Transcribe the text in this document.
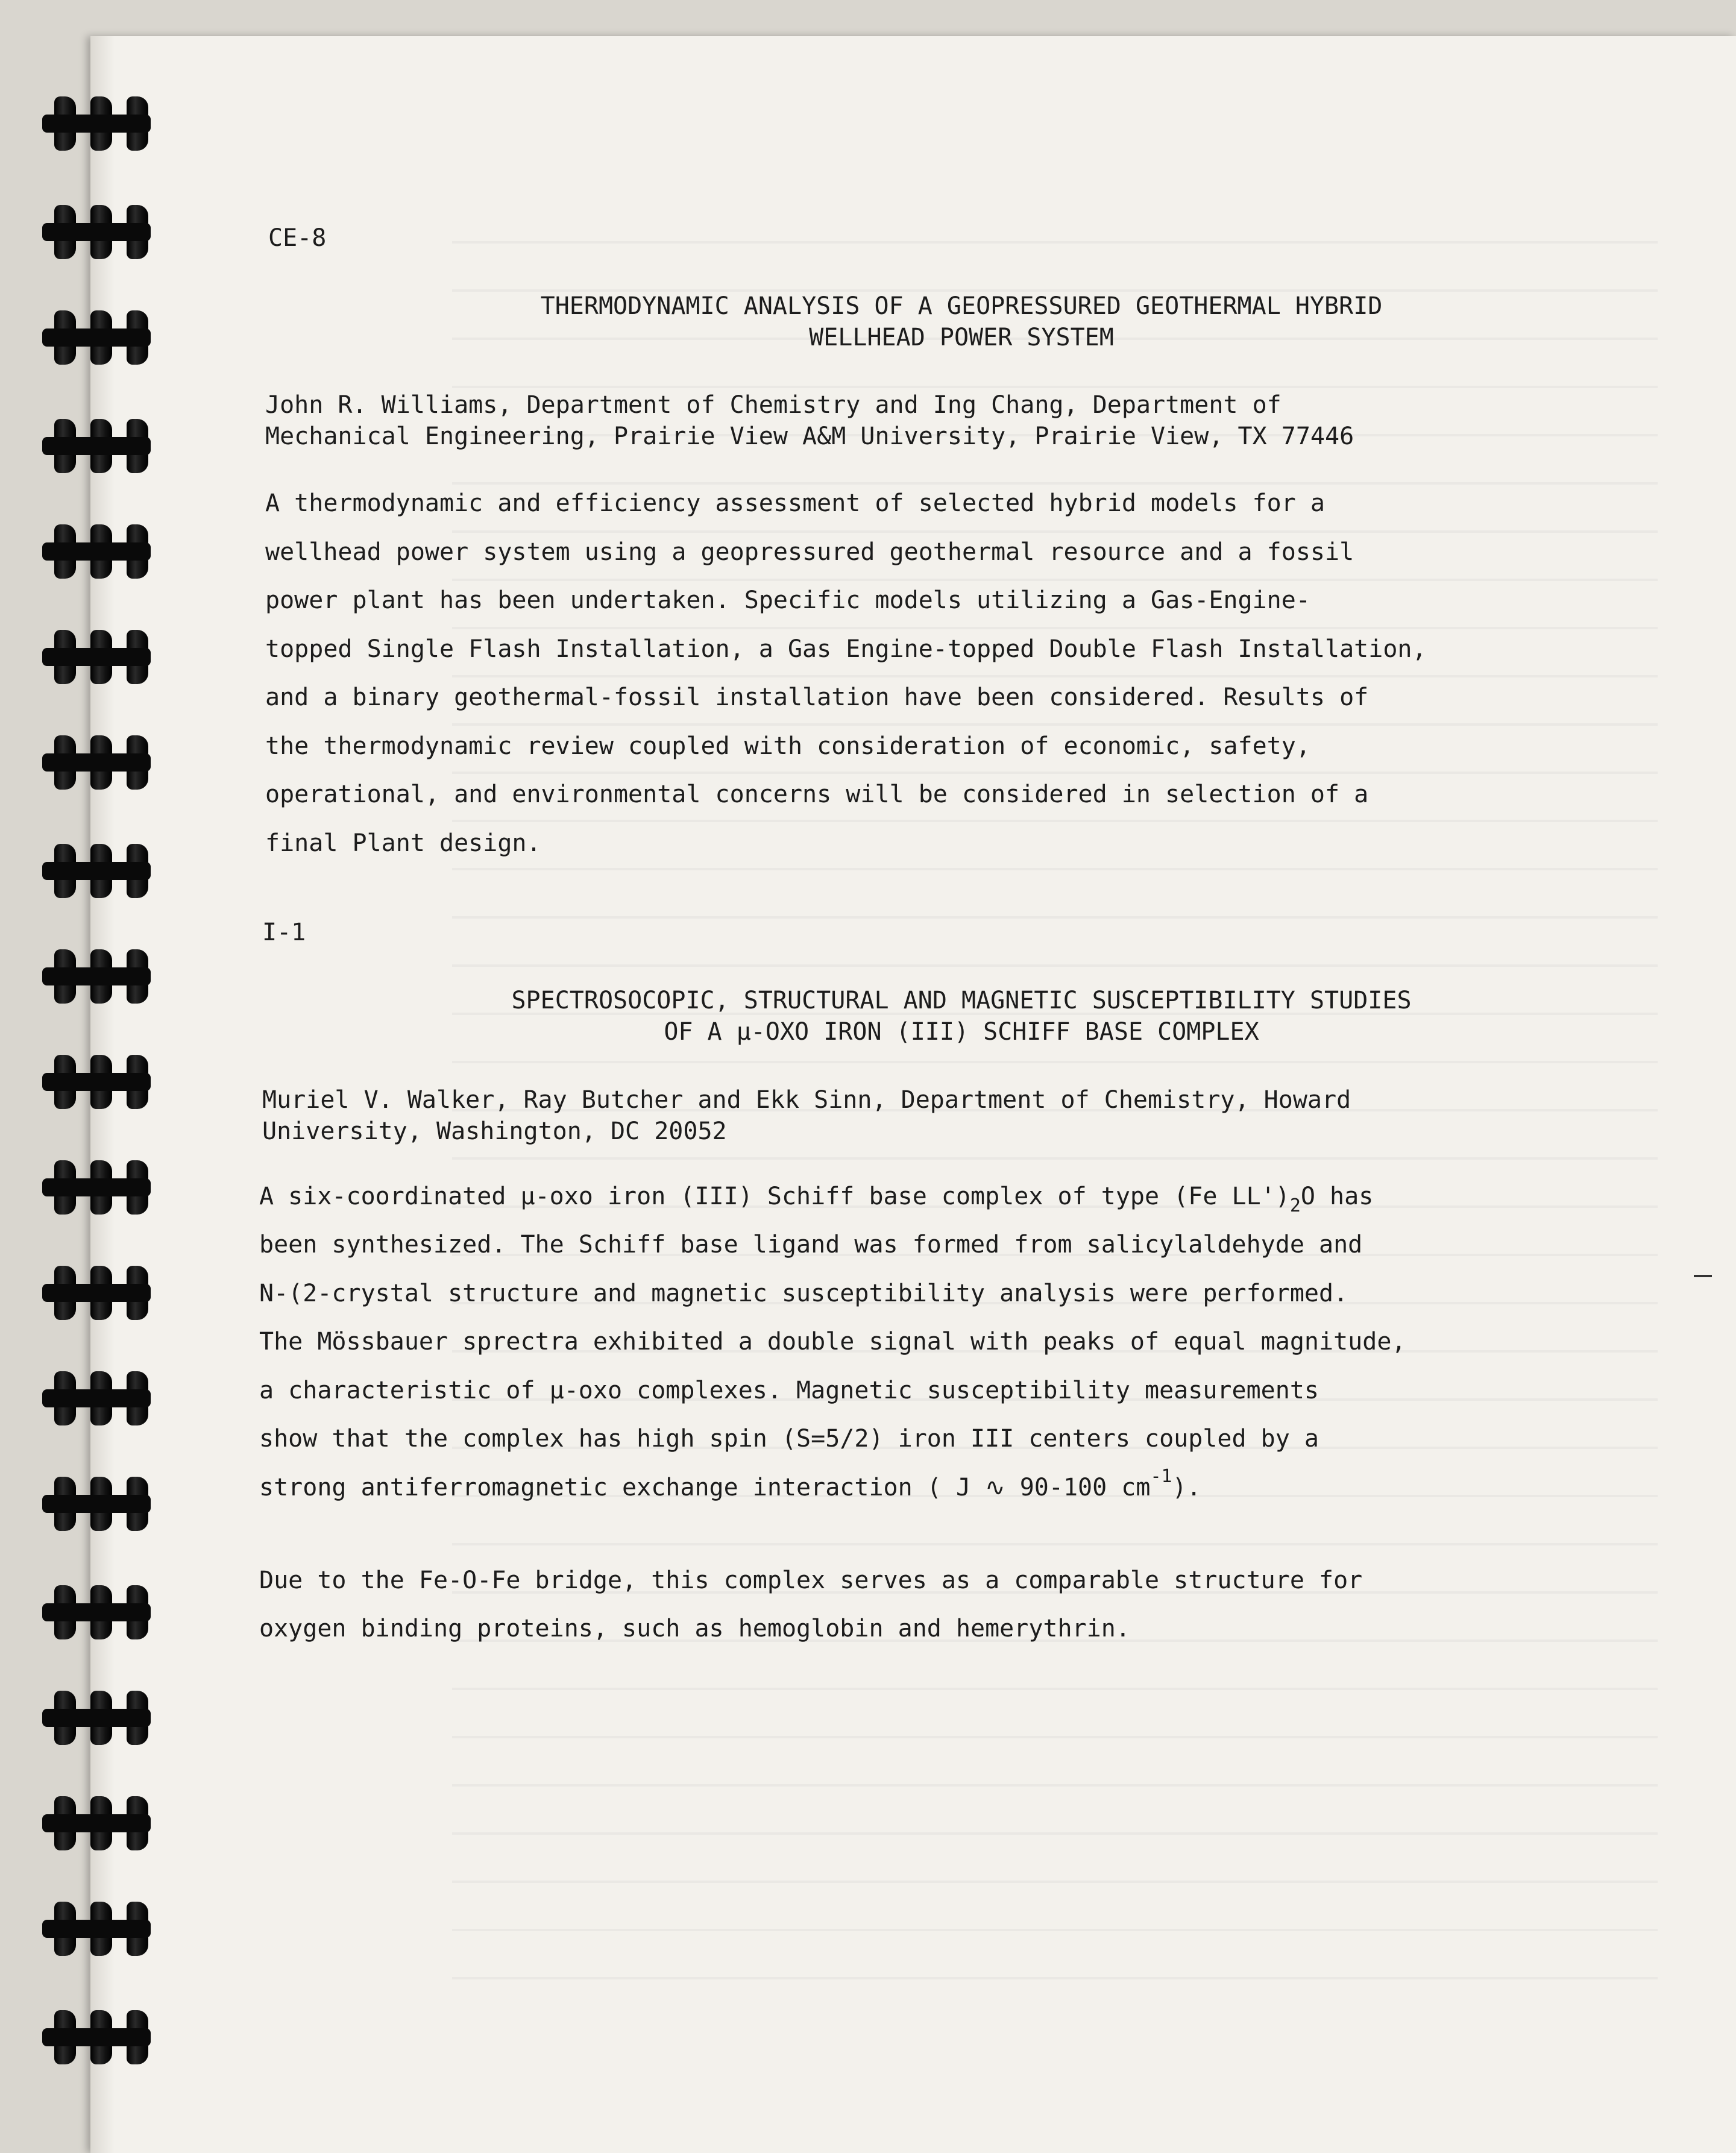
CE-8
THERMODYNAMIC ANALYSIS OF A GEOPRESSURED GEOTHERMAL HYBRID
WELLHEAD POWER SYSTEM
John R. Williams, Department of Chemistry and Ing Chang, Department of
Mechanical Engineering, Prairie View A&M University, Prairie View, TX 77446
A thermodynamic and efficiency assessment of selected hybrid models for a
wellhead power system using a geopressured geothermal resource and a fossil
power plant has been undertaken. Specific models utilizing a Gas-Engine-
topped Single Flash Installation, a Gas Engine-topped Double Flash Installation,
and a binary geothermal-fossil installation have been considered. Results of
the thermodynamic review coupled with consideration of economic, safety,
operational, and environmental concerns will be considered in selection of a
final Plant design.
I-1
SPECTROSOCOPIC, STRUCTURAL AND MAGNETIC SUSCEPTIBILITY STUDIES
OF A μ-OXO IRON (III) SCHIFF BASE COMPLEX
Muriel V. Walker, Ray Butcher and Ekk Sinn, Department of Chemistry, Howard
University, Washington, DC 20052
A six-coordinated μ-oxo iron (III) Schiff base complex of type (Fe $LL')_2O$ has
been synthesized. The Schiff base ligand was formed from salicylaldehyde and
N-(2-crystal structure and magnetic susceptibility analysis were performed.
The Mössbauer sprectra exhibited a double signal with peaks of equal magnitude,
a characteristic of μ-oxo complexes. Magnetic susceptibility measurements
show that the complex has high spin (S=5/2) iron III centers coupled by a
strong antiferromagnetic exchange interaction ( J ∿ 90-100 $cm^{-1}$).
Due to the Fe-O-Fe bridge, this complex serves as a comparable structure for
oxygen binding proteins, such as hemoglobin and hemerythrin.
